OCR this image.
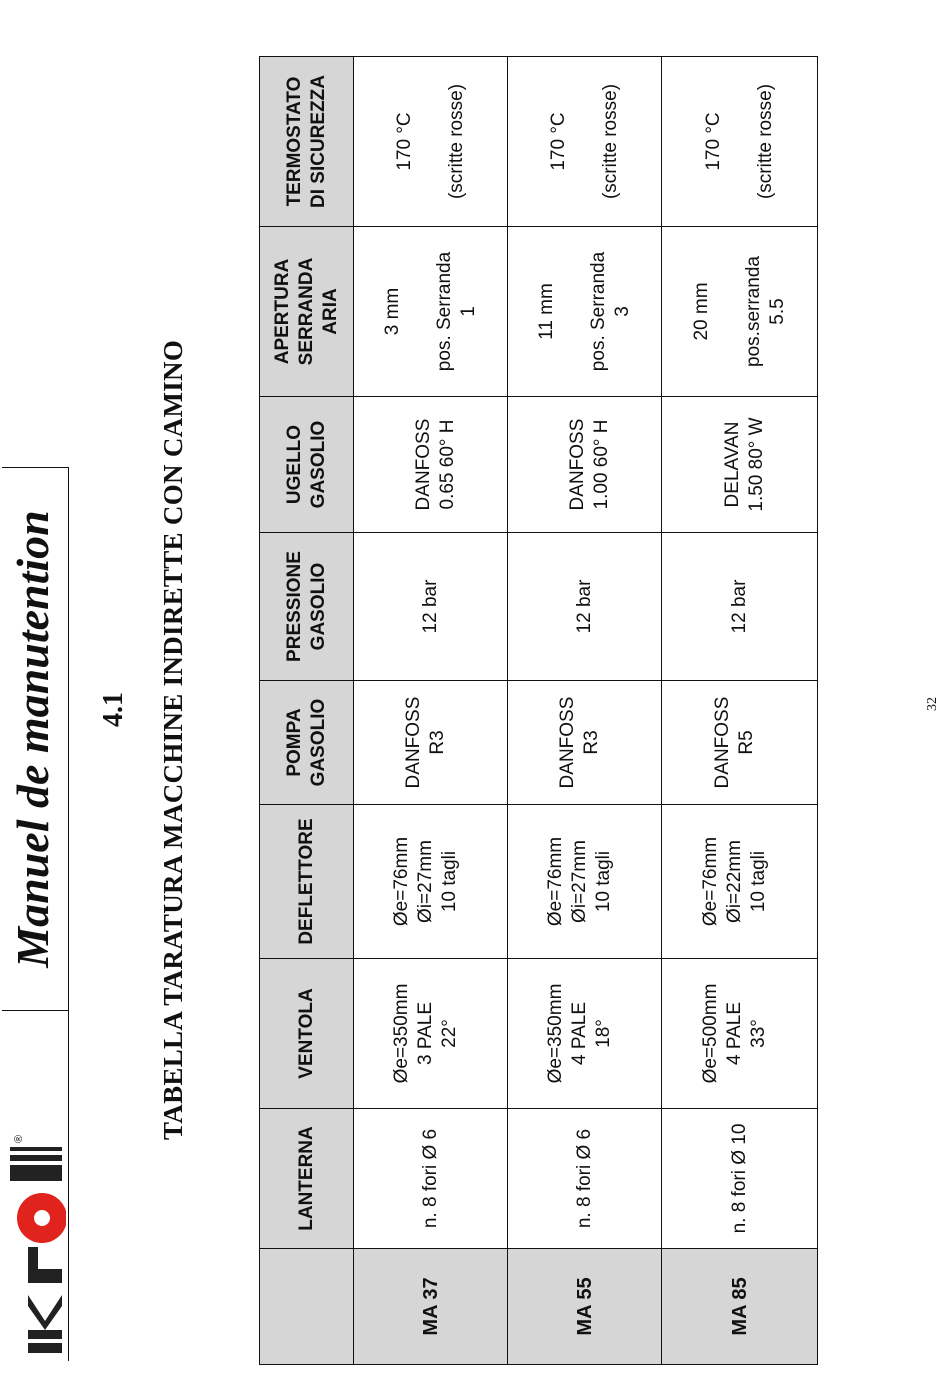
®
Krol
Manuel de manutention 4.1 TABELLA TARATURA MACCHINE INDIRETTE CON CAMINO

	LANTERNA	VENTOLA	DEFLETTORE	POMPA GASOLIO	PRESSIONE GASOLIO	UGELLO GASOLIO	APERTURA SERRANDA ARIA	TERMOSTATO DI SICUREZZA

MA 37	n. 8 fori Ø 6	Øe=350mm 3 PALE 22°	Øe=76mm Øi=27mm 10 tagli	DANFOSS R3	12 bar	DANFOSS 0.65 60° H	3 mm pos. Serranda 1	170 °C (scritte rosse)

MA 55	n. 8 fori Ø 6	Øe=350mm 4 PALE 18°	Øe=76mm Øi=27mm 10 tagli	DANFOSS R3	12 bar	DANFOSS 1.00 60° H	11 mm pos. Serranda 3	170 °C (scritte rosse)

MA 85	n. 8 fori Ø 10	Øe=500mm 4 PALE 33°	Øe=76mm Øi=22mm 10 tagli	DANFOSS R5	12 bar	DELAVAN 1.50 80° W	20 mm pos.serranda 5.5	170 °C (scritte rosse)
32
